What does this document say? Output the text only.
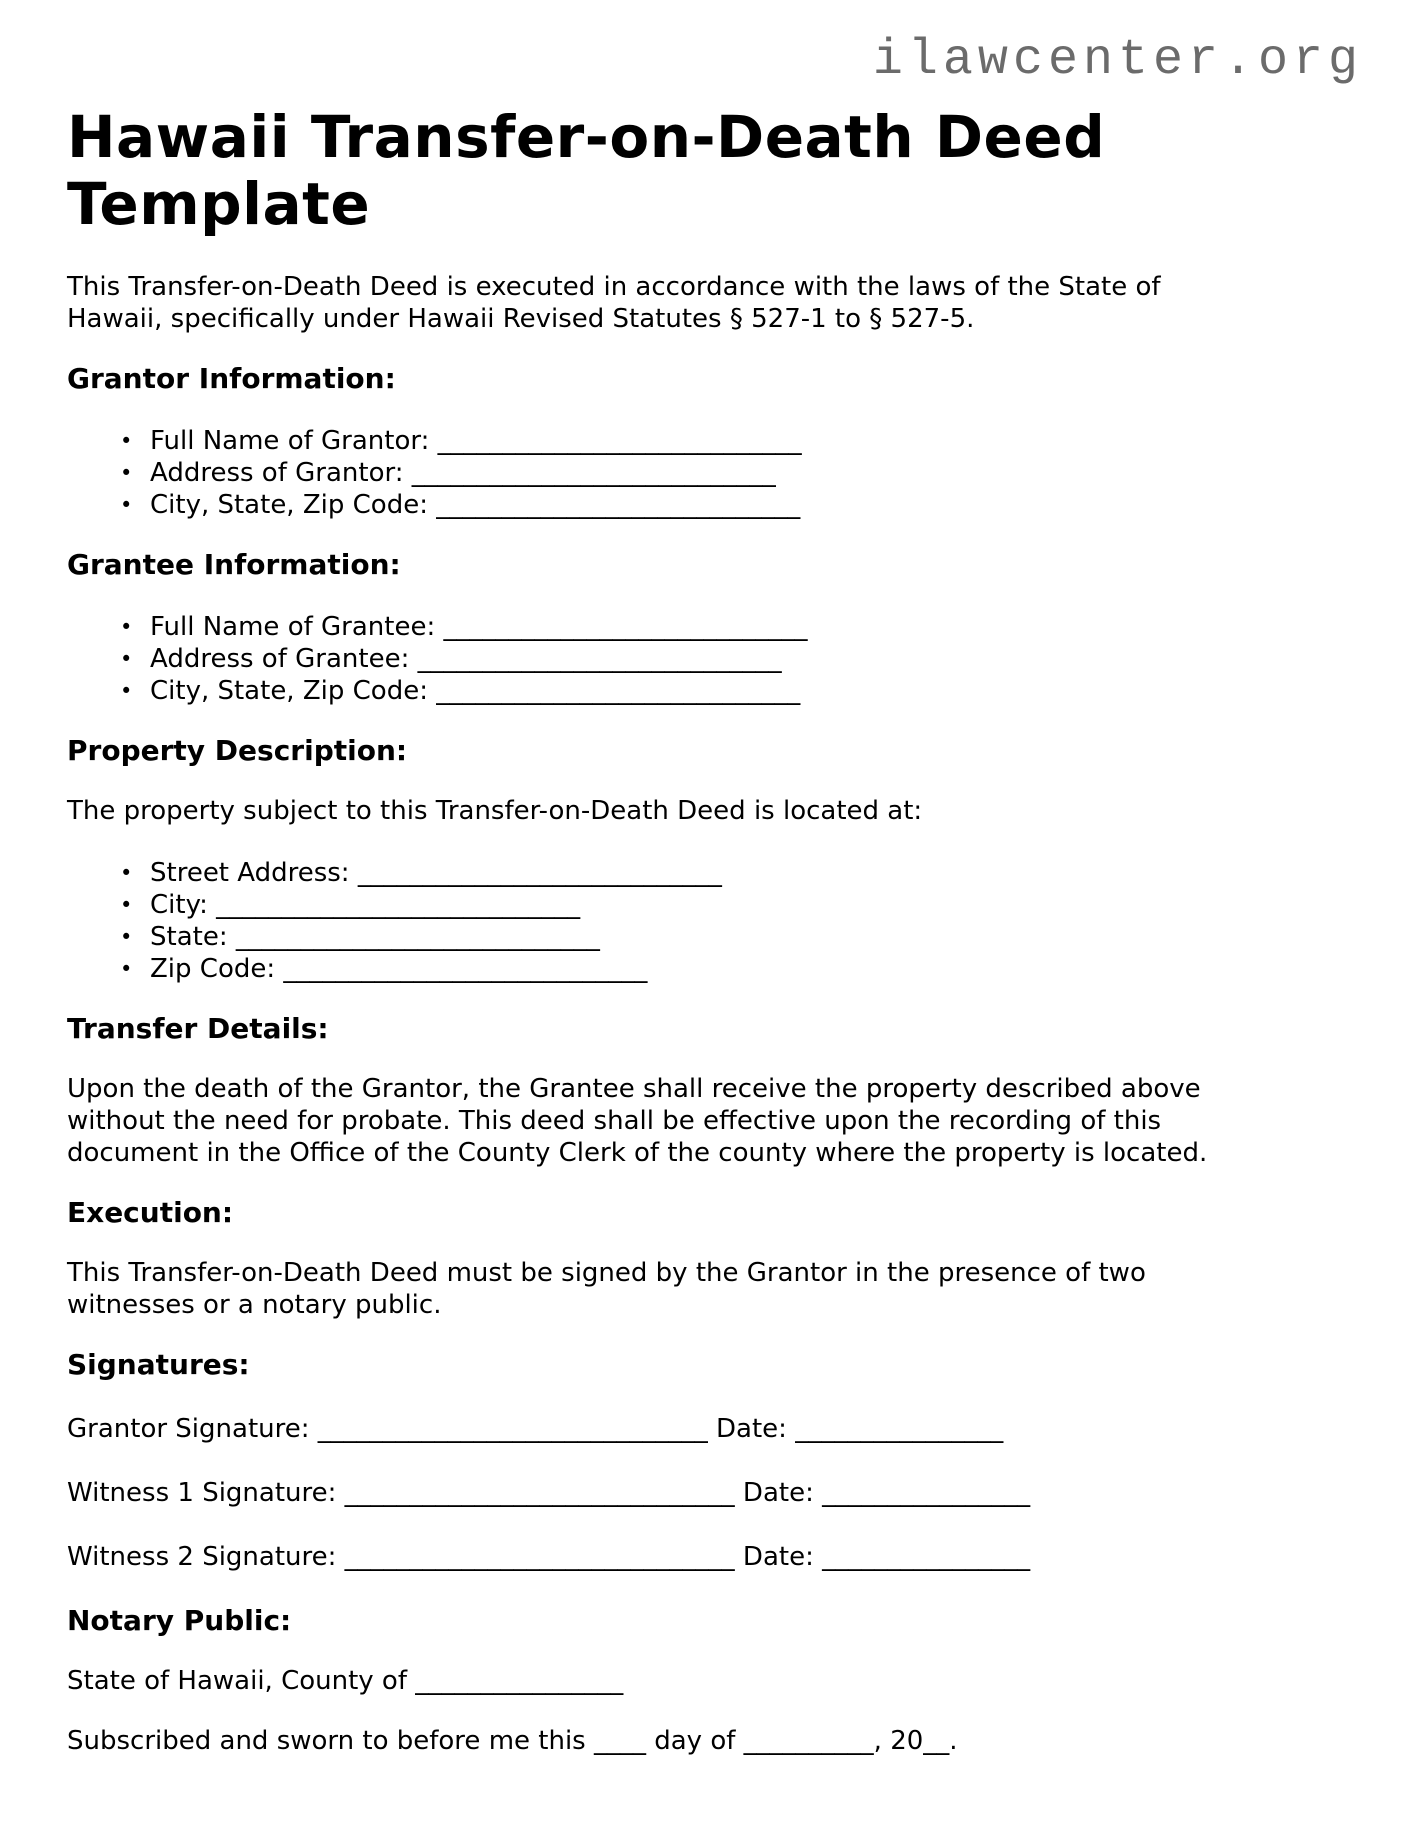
ilawcenter.org
Hawaii Transfer-on-Death Deed
Template

This Transfer-on-Death Deed is executed in accordance with the laws of the State of
Hawaii, specifically under Hawaii Revised Statutes § 527-1 to § 527-5.

Grantor Information:
• Full Name of Grantor: ____________________________
• Address of Grantor: ____________________________
• City, State, Zip Code: ____________________________
Grantee Information:
• Full Name of Grantee: ____________________________
• Address of Grantee: ____________________________
• City, State, Zip Code: ____________________________
Property Description:

The property subject to this Transfer-on-Death Deed is located at:

• Street Address: ____________________________
• City: ____________________________
• State: ____________________________
• Zip Code: ____________________________
Transfer Details:

Upon the death of the Grantor, the Grantee shall receive the property described above
without the need for probate. This deed shall be effective upon the recording of this
document in the Office of the County Clerk of the county where the property is located.

Execution:

This Transfer-on-Death Deed must be signed by the Grantor in the presence of two
witnesses or a notary public.

Signatures:

Grantor Signature: ______________________________ Date: ________________

Witness 1 Signature: ______________________________ Date: ________________

Witness 2 Signature: ______________________________ Date: ________________

Notary Public:

State of Hawaii, County of ________________

Subscribed and sworn to before me this ____ day of __________, 20__.
